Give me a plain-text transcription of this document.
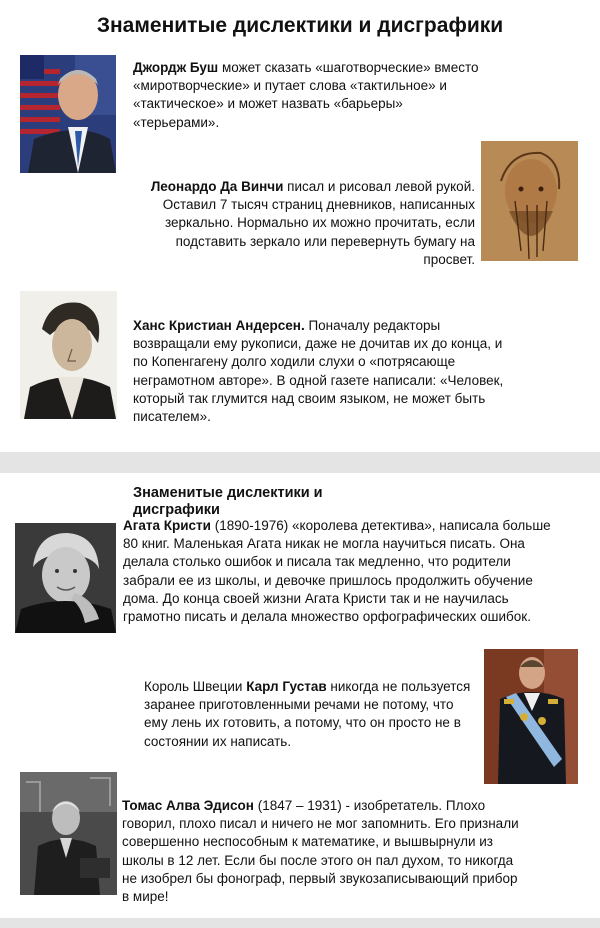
Знаменитые дислектики и дисграфики
Джордж Буш может сказать «шаготворческие» вместо «миротворческие» и путает слова «тактильное» и «тактическое» и может назвать «барьеры» «терьерами».
Леонардо Да Винчи писал и рисовал левой рукой. Оставил 7 тысяч страниц дневников, написанных зеркально. Нормально их можно прочитать, если подставить зеркало или перевернуть бумагу на просвет.
Ханс Кристиан Андерсен. Поначалу редакторы возвращали ему рукописи, даже не дочитав их до конца, и по Копенгагену долго ходили слухи о «потрясающе неграмотном авторе». В одной газете написали: «Человек, который так глумится над своим языком, не может быть писателем».
Знаменитые дислектики и дисграфики
Агата Кристи (1890-1976) «королева детектива», написала больше 80 книг. Маленькая Агата никак не могла научиться писать. Она делала столько ошибок и писала так медленно, что родители забрали ее из школы, и девочке пришлось продолжить обучение дома. До конца своей жизни Агата Кристи так и не научилась грамотно писать и делала множество орфографических ошибок.
Король Швеции Карл Густав никогда не пользуется заранее приготовленными речами не потому, что ему лень их готовить, а потому, что он просто не в состоянии их написать.
Томас Алва Эдисон (1847 – 1931) - изобретатель. Плохо говорил, плохо писал и ничего не мог запомнить. Его признали совершенно неспособным к математике, и вышвырнули из школы в 12 лет. Если бы после этого он пал духом, то никогда не изобрел бы фонограф, первый звукозаписывающий прибор в мире!
